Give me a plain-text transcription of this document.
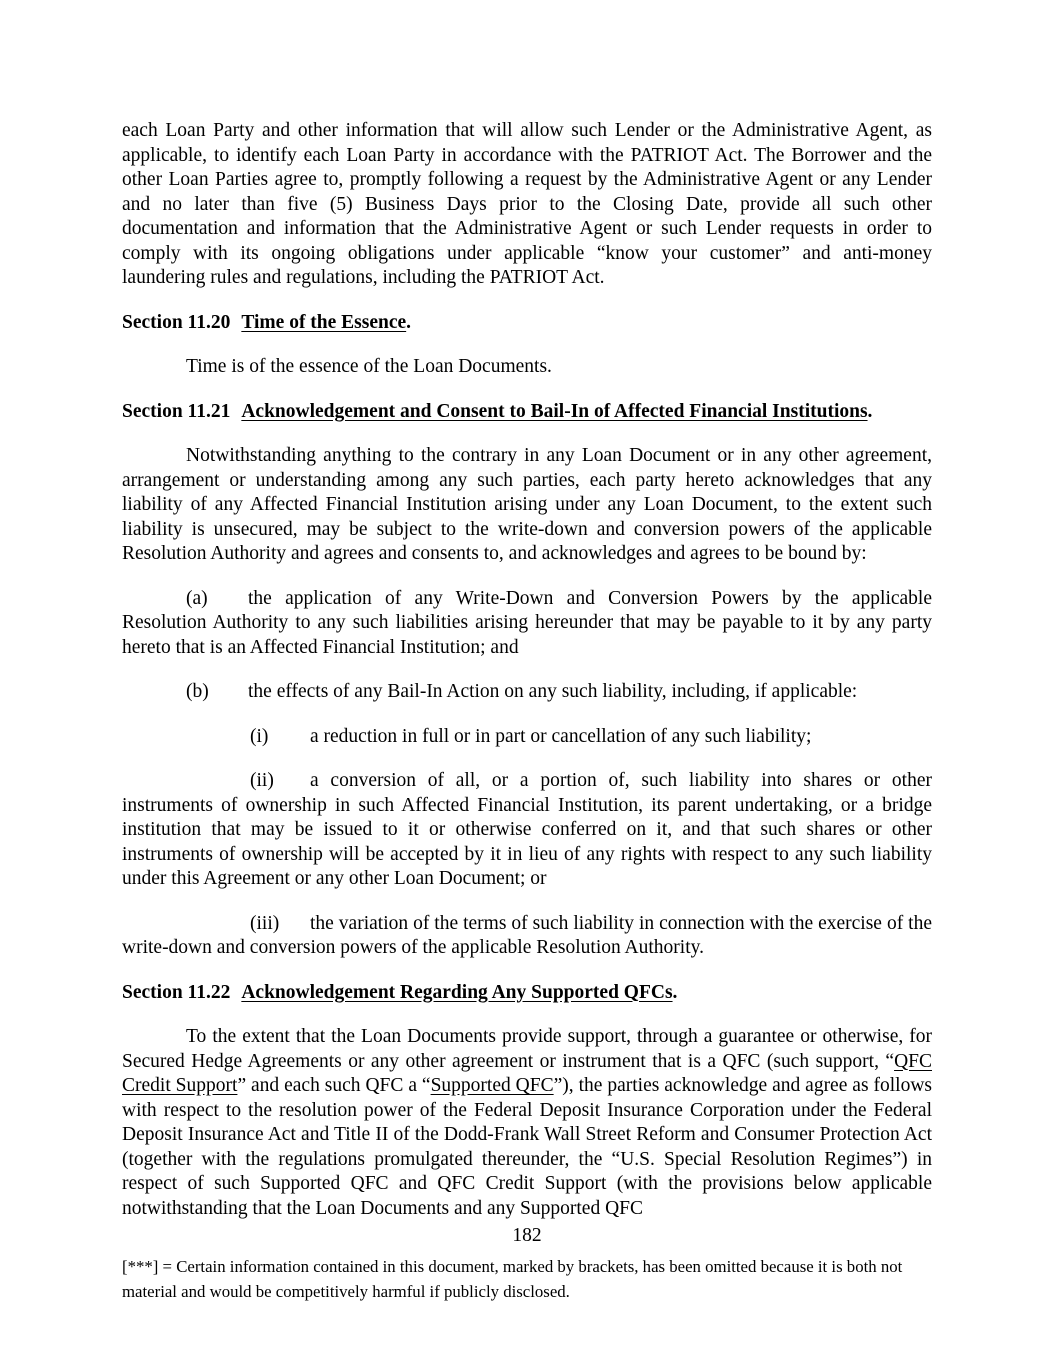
each Loan Party and other information that will allow such Lender or the Administrative Agent, as applicable, to identify each Loan Party in accordance with the PATRIOT Act. The Borrower and the other Loan Parties agree to, promptly following a request by the Administrative Agent or any Lender and no later than five (5) Business Days prior to the Closing Date, provide all such other documentation and information that the Administrative Agent or such Lender requests in order to comply with its ongoing obligations under applicable “know your customer” and anti-money laundering rules and regulations, including the PATRIOT Act.

Section 11.20 Time of the Essence.

Time is of the essence of the Loan Documents.

Section 11.21 Acknowledgement and Consent to Bail-In of Affected Financial Institutions.

Notwithstanding anything to the contrary in any Loan Document or in any other agreement, arrangement or understanding among any such parties, each party hereto acknowledges that any liability of any Affected Financial Institution arising under any Loan Document, to the extent such liability is unsecured, may be subject to the write-down and conversion powers of the applicable Resolution Authority and agrees and consents to, and acknowledges and agrees to be bound by:

(a) the application of any Write-Down and Conversion Powers by the applicable Resolution Authority to any such liabilities arising hereunder that may be payable to it by any party hereto that is an Affected Financial Institution; and

(b) the effects of any Bail-In Action on any such liability, including, if applicable:

(i) a reduction in full or in part or cancellation of any such liability;

(ii) a conversion of all, or a portion of, such liability into shares or other instruments of ownership in such Affected Financial Institution, its parent undertaking, or a bridge institution that may be issued to it or otherwise conferred on it, and that such shares or other instruments of ownership will be accepted by it in lieu of any rights with respect to any such liability under this Agreement or any other Loan Document; or

(iii) the variation of the terms of such liability in connection with the exercise of the write-down and conversion powers of the applicable Resolution Authority.

Section 11.22 Acknowledgement Regarding Any Supported QFCs.

To the extent that the Loan Documents provide support, through a guarantee or otherwise, for Secured Hedge Agreements or any other agreement or instrument that is a QFC (such support, “QFC Credit Support” and each such QFC a “Supported QFC”), the parties acknowledge and agree as follows with respect to the resolution power of the Federal Deposit Insurance Corporation under the Federal Deposit Insurance Act and Title II of the Dodd-Frank Wall Street Reform and Consumer Protection Act (together with the regulations promulgated thereunder, the “U.S. Special Resolution Regimes”) in respect of such Supported QFC and QFC Credit Support (with the provisions below applicable notwithstanding that the Loan Documents and any Supported QFC

182
[***] = Certain information contained in this document, marked by brackets, has been omitted because it is both not material and would be competitively harmful if publicly disclosed.
